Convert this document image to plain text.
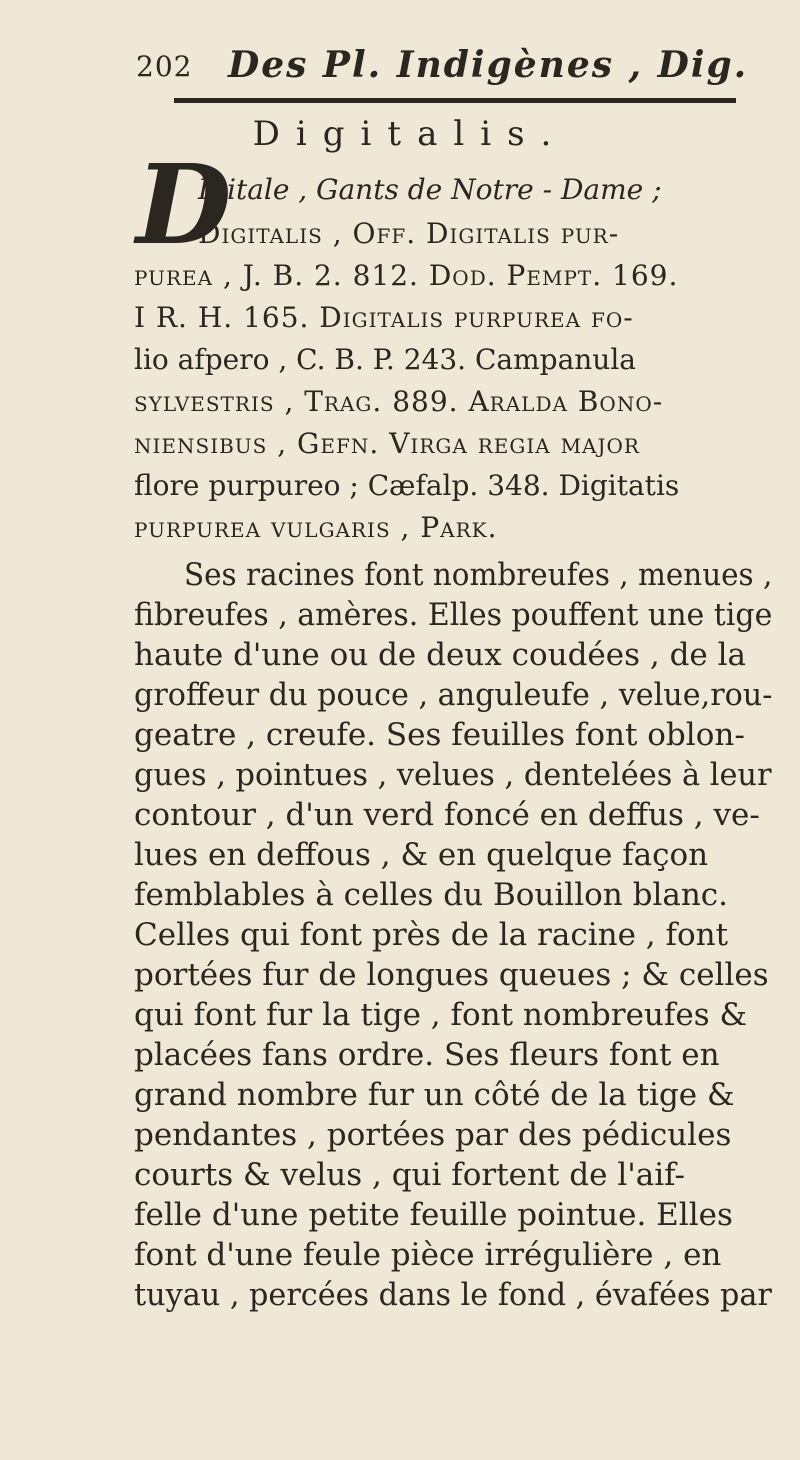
202 Des Pl. Indigènes , Dig.
Digitalis.
D
Igitale , Gants de Notre - Dame ;
Digitalis , Off. Digitalis pur-
purea , J. B. 2. 812. Dod. Pempt. 169.
I R. H. 165. Digitalis purpurea fo-
lio afpero , C. B. P. 243. Campanula
sylvestris , Trag. 889. Aralda Bono-
niensibus , Gefn. Virga regia major
flore purpureo ; Cæfalp. 348. Digitatis
purpurea vulgaris , Park.
Ses racines font nombreufes , menues ,
fibreufes , amères. Elles pouffent une tige
haute d'une ou de deux coudées , de la
groffeur du pouce , anguleufe , velue,rou-
geatre , creufe. Ses feuilles font oblon-
gues , pointues , velues , dentelées à leur
contour , d'un verd foncé en deffus , ve-
lues en deffous , & en quelque façon
femblables à celles du Bouillon blanc.
Celles qui font près de la racine , font
portées fur de longues queues ; & celles
qui font fur la tige , font nombreufes &
placées fans ordre. Ses fleurs font en
grand nombre fur un côté de la tige &
pendantes , portées par des pédicules
courts & velus , qui fortent de l'aif-
felle d'une petite feuille pointue. Elles
font d'une feule pièce irrégulière , en
tuyau , percées dans le fond , évafées par
